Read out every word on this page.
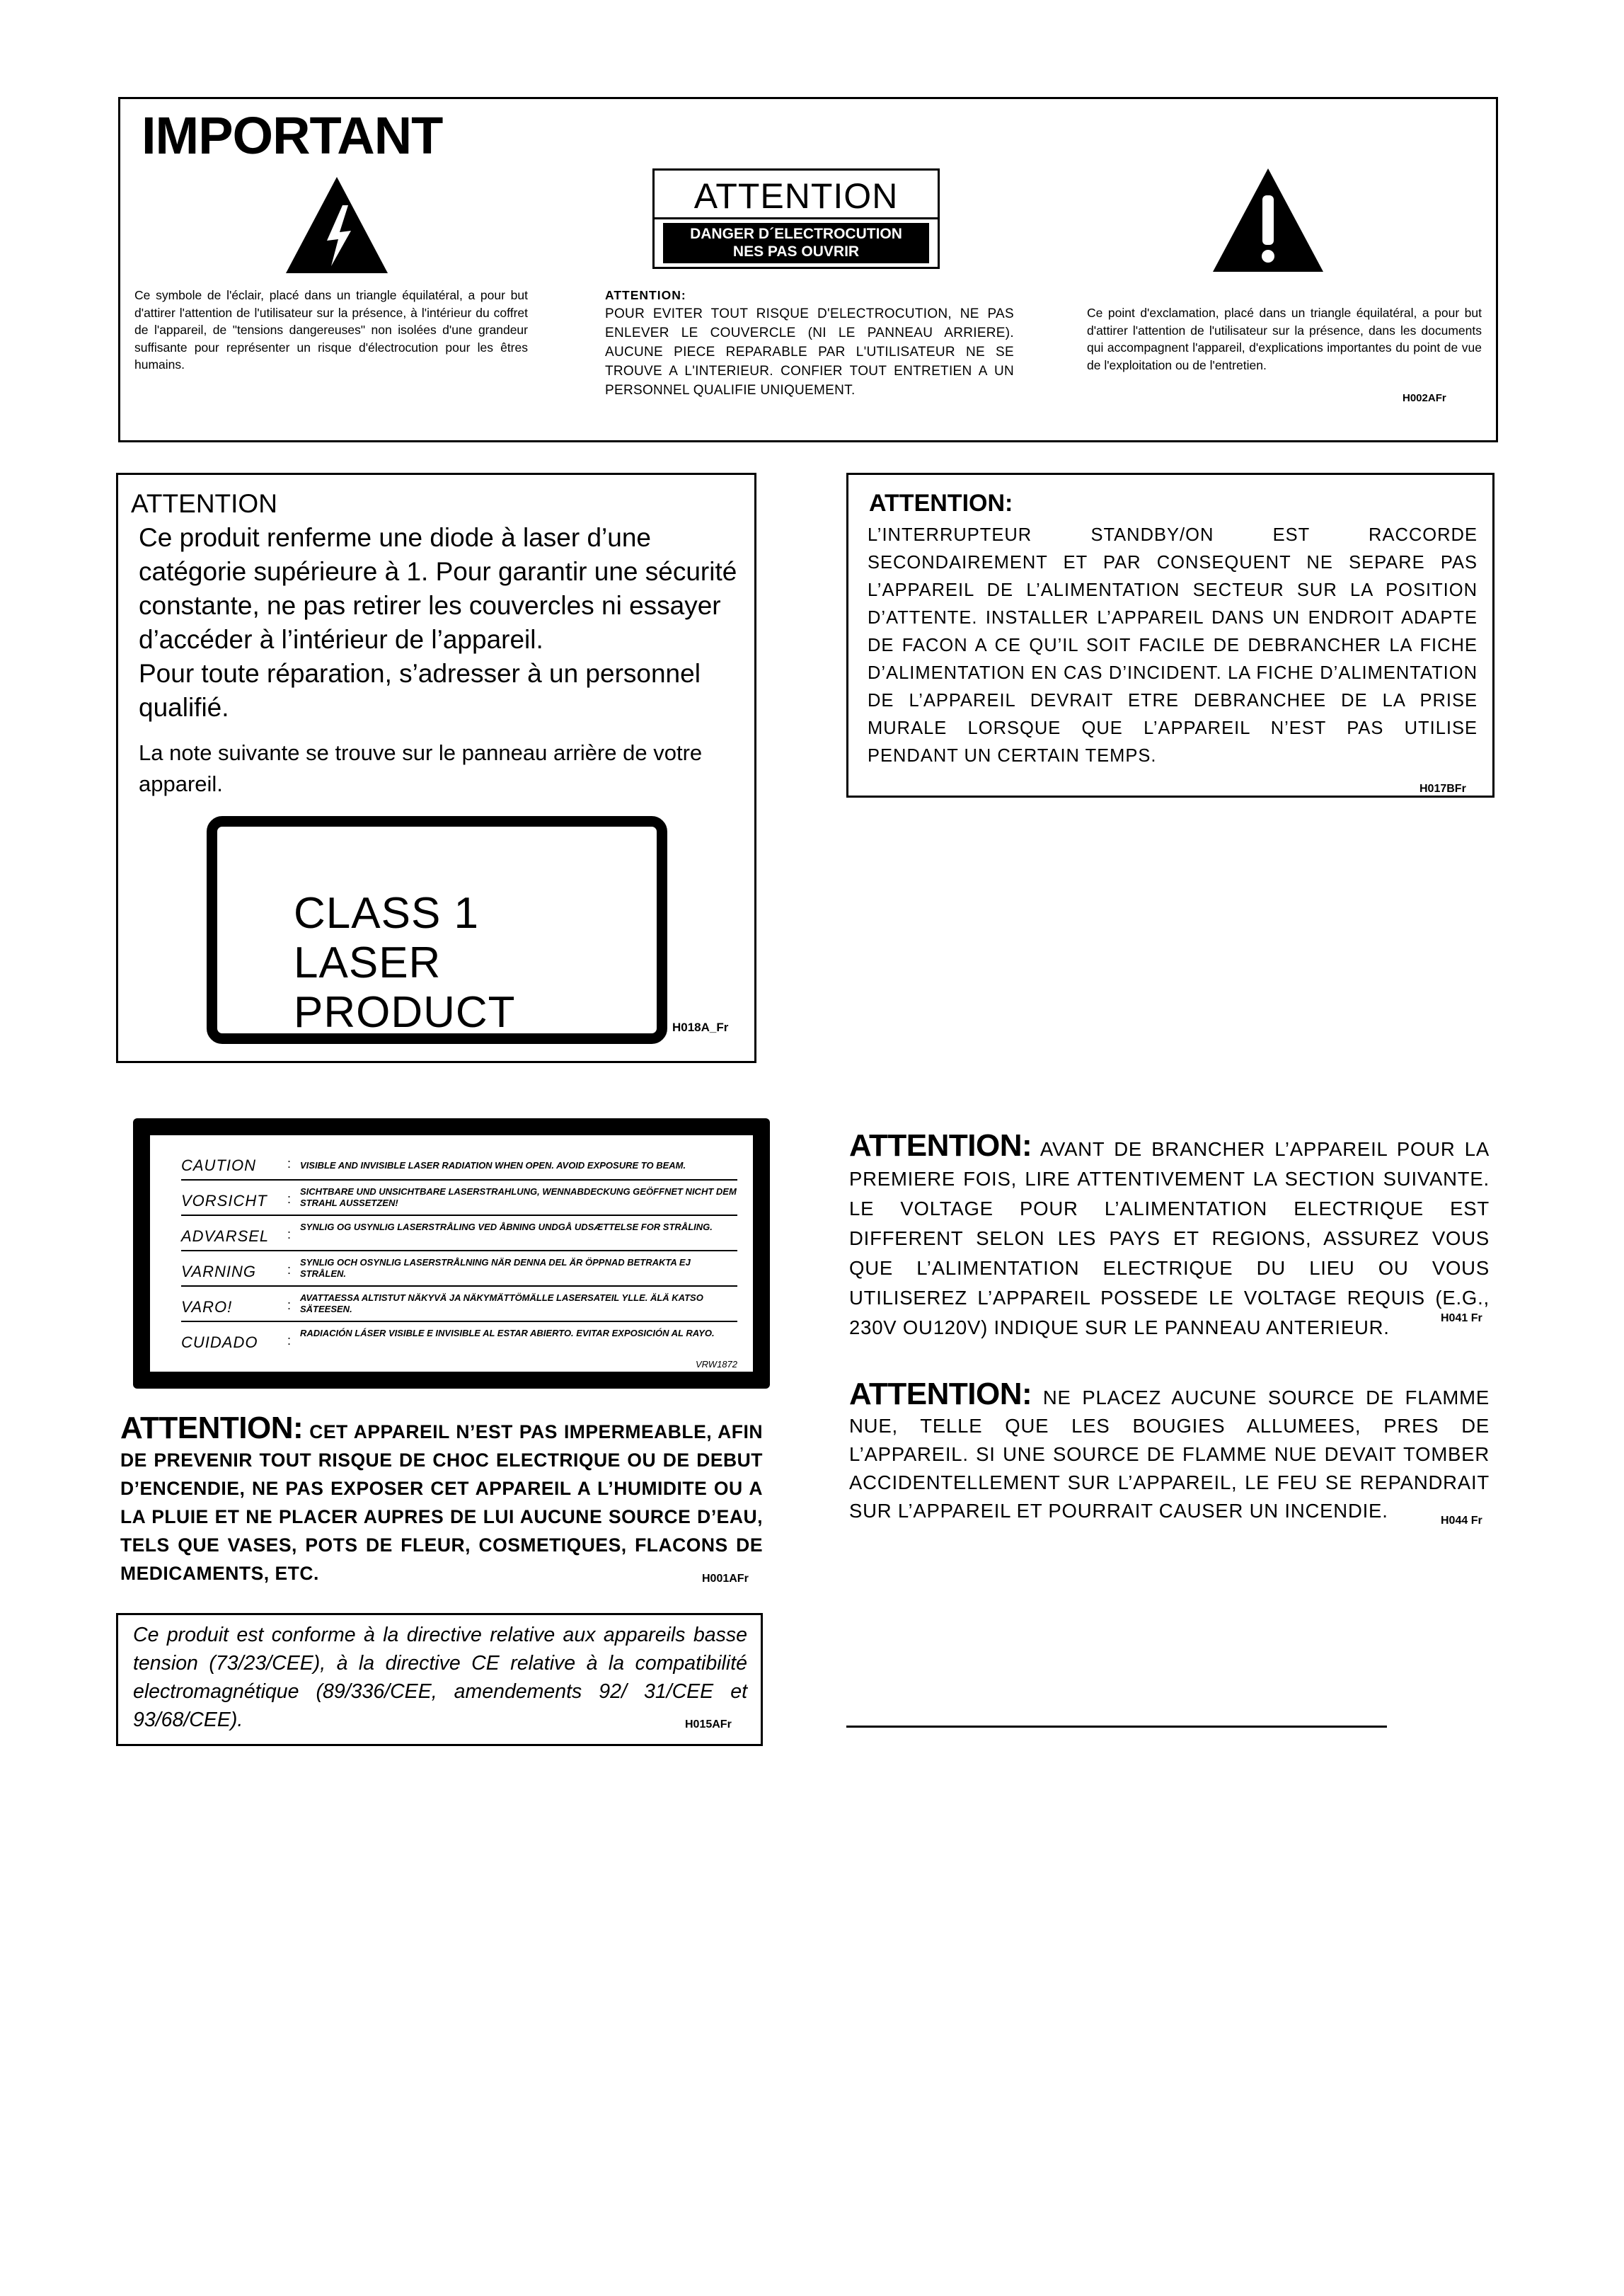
IMPORTANT
ATTENTION
DANGER D´ELECTROCUTION
NES PAS OUVRIR
Ce symbole de l'éclair, placé dans un triangle équilatéral, a pour but d'attirer l'attention de l'utilisateur sur la présence, à l'intérieur du coffret de l'appareil, de "tensions dangereuses" non isolées d'une grandeur suffisante pour représenter un risque d'électrocution pour les êtres humains.
ATTENTION:
POUR EVITER TOUT RISQUE D'ELECTROCUTION, NE PAS ENLEVER LE COUVERCLE (NI LE PANNEAU ARRIERE). AUCUNE PIECE REPARABLE PAR L'UTILISATEUR NE SE TROUVE A L'INTERIEUR. CONFIER TOUT ENTRETIEN A UN PERSONNEL QUALIFIE UNIQUEMENT.
Ce point d'exclamation, placé dans un triangle équilatéral, a pour but d'attirer l'attention de l'utilisateur sur la présence, dans les documents qui accompagnent l'appareil, d'explications importantes du point de vue de l'exploitation ou de l'entretien.
H002AFr
ATTENTION
Ce produit renferme une diode à laser d’une catégorie supérieure à 1. Pour garantir une sécurité constante, ne pas retirer les couvercles ni essayer d’accéder à l’intérieur de l’appareil.
Pour toute réparation, s’adresser à un personnel qualifié.
La note suivante se trouve sur le panneau arrière de votre appareil.
CLASS 1
LASER PRODUCT	H018A_Fr
ATTENTION:
L’INTERRUPTEUR STANDBY/ON EST RACCORDE SECONDAIREMENT ET PAR CONSEQUENT NE SEPARE PAS L’APPAREIL DE L’ALIMENTATION SECTEUR SUR LA POSITION D’ATTENTE. INSTALLER L’APPAREIL DANS UN ENDROIT ADAPTE DE FACON A CE QU’IL SOIT FACILE DE DEBRANCHER LA FICHE D’ALIMENTATION EN CAS D’INCIDENT. LA FICHE D’ALIMENTATION DE L’APPAREIL DEVRAIT ETRE DEBRANCHEE DE LA PRISE MURALE LORSQUE QUE L’APPAREIL N’EST PAS UTILISE PENDANT UN CERTAIN TEMPS.
H017BFr
CAUTION	: VISIBLE AND INVISIBLE LASER RADIATION WHEN OPEN. AVOID EXPOSURE TO BEAM.
VORSICHT	:
SICHTBARE UND UNSICHTBARE LASERSTRAHLUNG, WENNABDECKUNG GEÖFFNET NICHT DEM STRAHL AUSSETZEN!
ADVARSEL	:
SYNLIG OG USYNLIG LASERSTRÅLING VED ÅBNING UNDGÅ UDSÆTTELSE FOR STRÅLING.
VARNING	:
SYNLIG OCH OSYNLIG LASERSTRÅLNING NÄR DENNA DEL ÄR ÖPPNAD BETRAKTA EJ STRÅLEN.
VARO!	:
AVATTAESSA ALTISTUT NÄKYVÄ JA NÄKYMÄTTÖMÄLLE LASERSATEIL YLLE. ÄLÄ KATSO SÄTEESEN.
CUIDADO	:
RADIACIÓN LÁSER VISIBLE E INVISIBLE AL ESTAR ABIERTO. EVITAR EXPOSICIÓN AL RAYO.
VRW1872
ATTENTION: CET APPAREIL N’EST PAS IMPERMEABLE, AFIN DE PREVENIR TOUT RISQUE DE CHOC ELECTRIQUE OU DE DEBUT D’ENCENDIE, NE PAS EXPOSER CET APPAREIL A L’HUMIDITE OU A LA PLUIE ET NE PLACER AUPRES DE LUI AUCUNE SOURCE D’EAU, TELS QUE VASES, POTS DE FLEUR, COSMETIQUES, FLACONS DE MEDICAMENTS, ETC.	H001AFr
Ce produit est conforme à la directive relative aux appareils basse tension (73/23/CEE), à la directive CE relative à la compatibilité electromagnétique (89/336/CEE, amendements 92/ 31/CEE et 93/68/CEE).	H015AFr
ATTENTION: AVANT DE BRANCHER L’APPAREIL POUR LA PREMIERE FOIS, LIRE ATTENTIVEMENT LA SECTION SUIVANTE. LE VOLTAGE POUR L’ALIMENTATION ELECTRIQUE EST DIFFERENT SELON LES PAYS ET REGIONS, ASSUREZ VOUS QUE L’ALIMENTATION ELECTRIQUE DU LIEU OU VOUS UTILISEREZ L’APPAREIL POSSEDE LE VOLTAGE REQUIS (E.G., 230V OU120V) INDIQUE SUR LE PANNEAU ANTERIEUR.	H041 Fr
ATTENTION: NE PLACEZ AUCUNE SOURCE DE FLAMME NUE, TELLE QUE LES BOUGIES ALLUMEES, PRES DE L’APPAREIL. SI UNE SOURCE DE FLAMME NUE DEVAIT TOMBER ACCIDENTELLEMENT SUR L’APPAREIL, LE FEU SE REPANDRAIT SUR L’APPAREIL ET POURRAIT CAUSER UN INCENDIE.	H044 Fr
